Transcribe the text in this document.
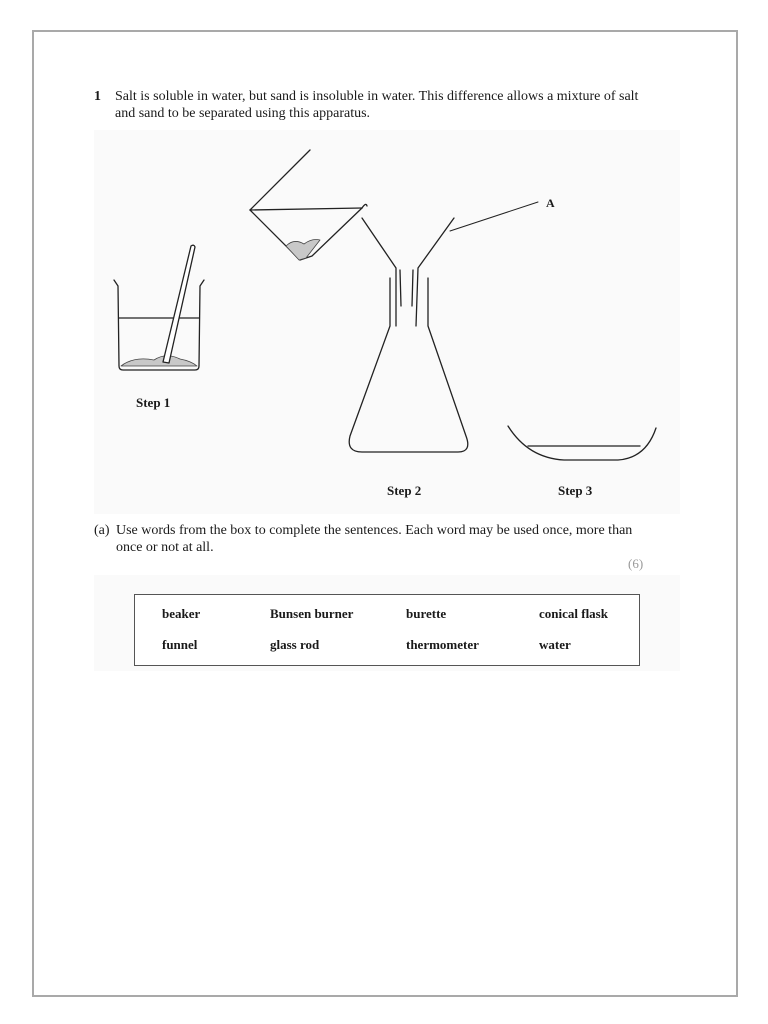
1 Salt is soluble in water, but sand is insoluble in water. This difference allows a mixture of salt and sand to be separated using this apparatus.
A
Step 1
Step 2	Step 3
(a) Use words from the box to complete the sentences. Each word may be used once, more than once or not at all.
(6)
beaker	Bunsen burner	burette	conical flask
funnel	glass rod	thermometer	water
